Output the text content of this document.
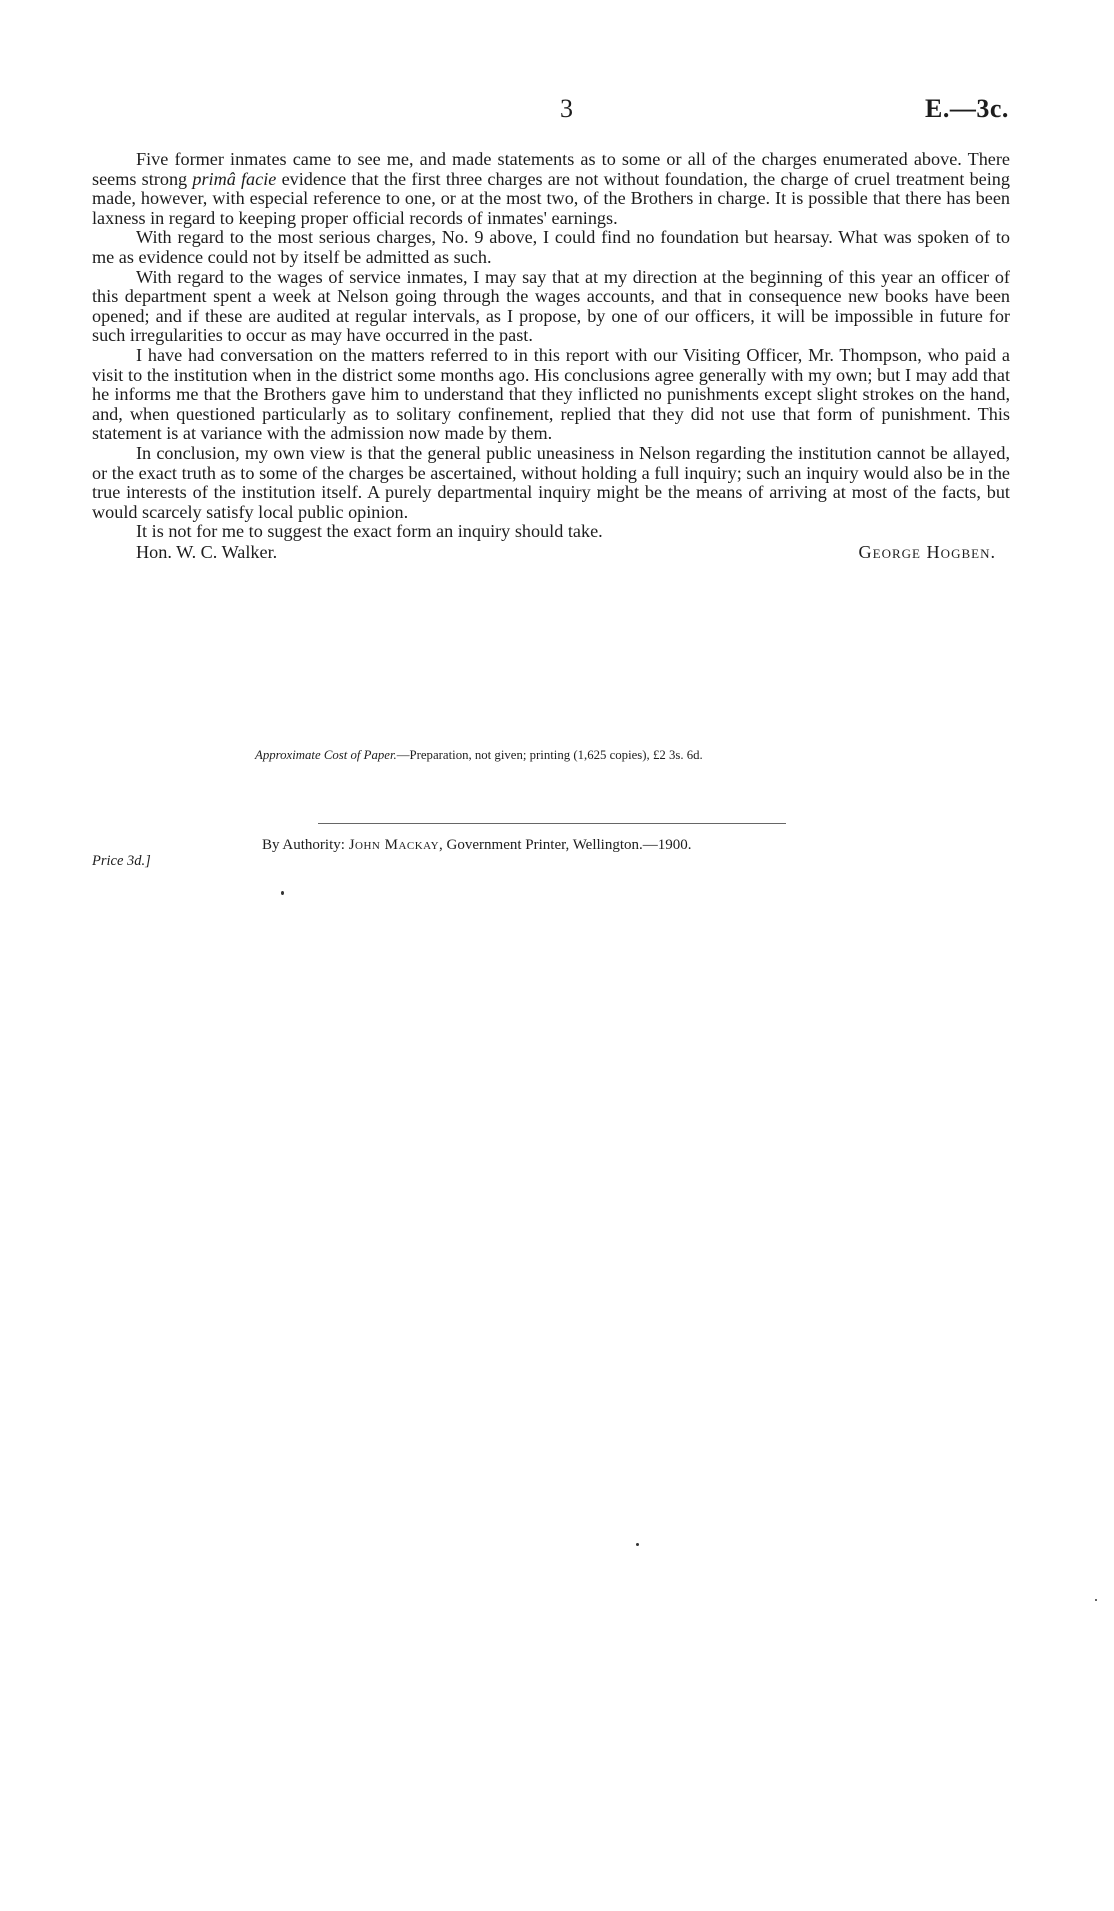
3	E.—3c.

Five former inmates came to see me, and made statements as to some or all of the charges enumerated above. There seems strong primâ facie evidence that the first three charges are not without foundation, the charge of cruel treatment being made, however, with especial reference to one, or at the most two, of the Brothers in charge. It is possible that there has been laxness in regard to keeping proper official records of inmates' earnings.

With regard to the most serious charges, No. 9 above, I could find no foundation but hearsay. What was spoken of to me as evidence could not by itself be admitted as such.

With regard to the wages of service inmates, I may say that at my direction at the beginning of this year an officer of this department spent a week at Nelson going through the wages accounts, and that in consequence new books have been opened; and if these are audited at regular intervals, as I propose, by one of our officers, it will be impossible in future for such irregularities to occur as may have occurred in the past.

I have had conversation on the matters referred to in this report with our Visiting Officer, Mr. Thompson, who paid a visit to the institution when in the district some months ago. His conclusions agree generally with my own; but I may add that he informs me that the Brothers gave him to understand that they inflicted no punishments except slight strokes on the hand, and, when questioned particularly as to solitary confinement, replied that they did not use that form of punishment. This statement is at variance with the admission now made by them.

In conclusion, my own view is that the general public uneasiness in Nelson regarding the institution cannot be allayed, or the exact truth as to some of the charges be ascertained, without holding a full inquiry; such an inquiry would also be in the true interests of the institution itself. A purely departmental inquiry might be the means of arriving at most of the facts, but would scarcely satisfy local public opinion.

It is not for me to suggest the exact form an inquiry should take.

Hon. W. C. Walker.	George Hogben.
Approximate Cost of Paper.—Preparation, not given; printing (1,625 copies), £2 3s. 6d.
By Authority: John Mackay, Government Printer, Wellington.—1900.
Price 3d.]
